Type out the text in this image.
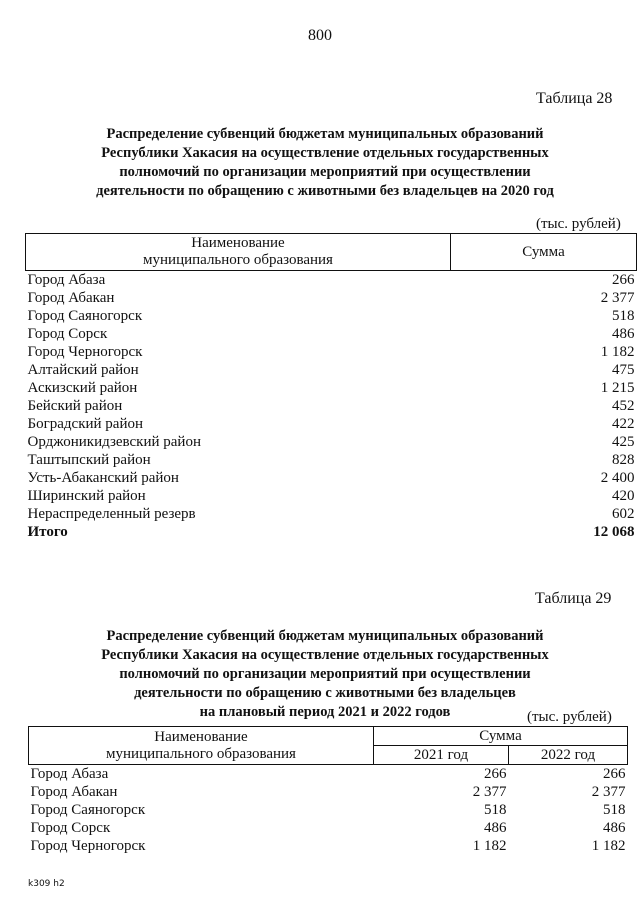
800
Таблица 28
Распределение субвенций бюджетам муниципальных образований
Республики Хакасия на осуществление отдельных государственных
полномочий по организации мероприятий при осуществлении
деятельности по обращению с животными без владельцев на 2020 год
(тыс. рублей)
Наименование
муниципального образования	Сумма
Город Абаза	266
Город Абакан	2 377
Город Саяногорск	518
Город Сорск	486
Город Черногорск	1 182
Алтайский район	475
Аскизский район	1 215
Бейский район	452
Боградский район	422
Орджоникидзевский район	425
Таштыпский район	828
Усть-Абаканский район	2 400
Ширинский район	420
Нераспределенный резерв	602
Итого	12 068
Таблица 29
Распределение субвенций бюджетам муниципальных образований
Республики Хакасия на осуществление отдельных государственных
полномочий по организации мероприятий при осуществлении
деятельности по обращению с животными без владельцев
на плановый период 2021 и 2022 годов	(тыс. рублей)
Наименование
муниципального образования	Сумма	
	2021 год	2022 год
Город Абаза	266	266
Город Абакан	2 377	2 377
Город Саяногорск	518	518
Город Сорск	486	486
Город Черногорск	1 182	1 182
k309 h2
